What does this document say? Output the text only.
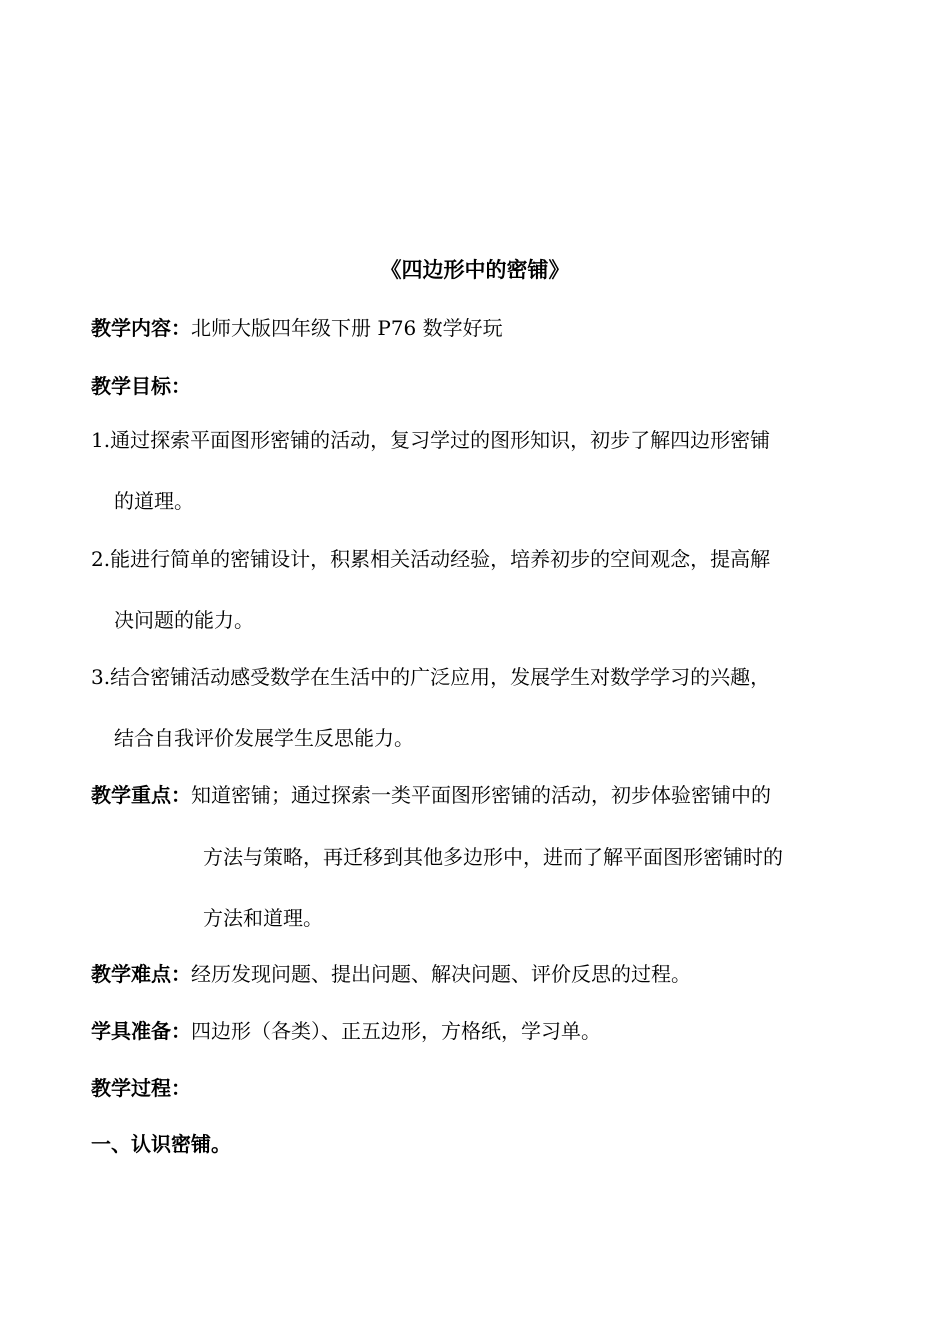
《四边形中的密铺》
教学内容：北师大版四年级下册 P76 数学好玩
教学目标：
1.通过探索平面图形密铺的活动，复习学过的图形知识，初步了解四边形密铺
的道理。
2.能进行简单的密铺设计，积累相关活动经验，培养初步的空间观念，提高解
决问题的能力。
3.结合密铺活动感受数学在生活中的广泛应用，发展学生对数学学习的兴趣，
结合自我评价发展学生反思能力。
教学重点：知道密铺；通过探索一类平面图形密铺的活动，初步体验密铺中的
方法与策略，再迁移到其他多边形中，进而了解平面图形密铺时的
方法和道理。
教学难点：经历发现问题、提出问题、解决问题、评价反思的过程。
学具准备：四边形（各类）、正五边形，方格纸，学习单。
教学过程：
一、认识密铺。
